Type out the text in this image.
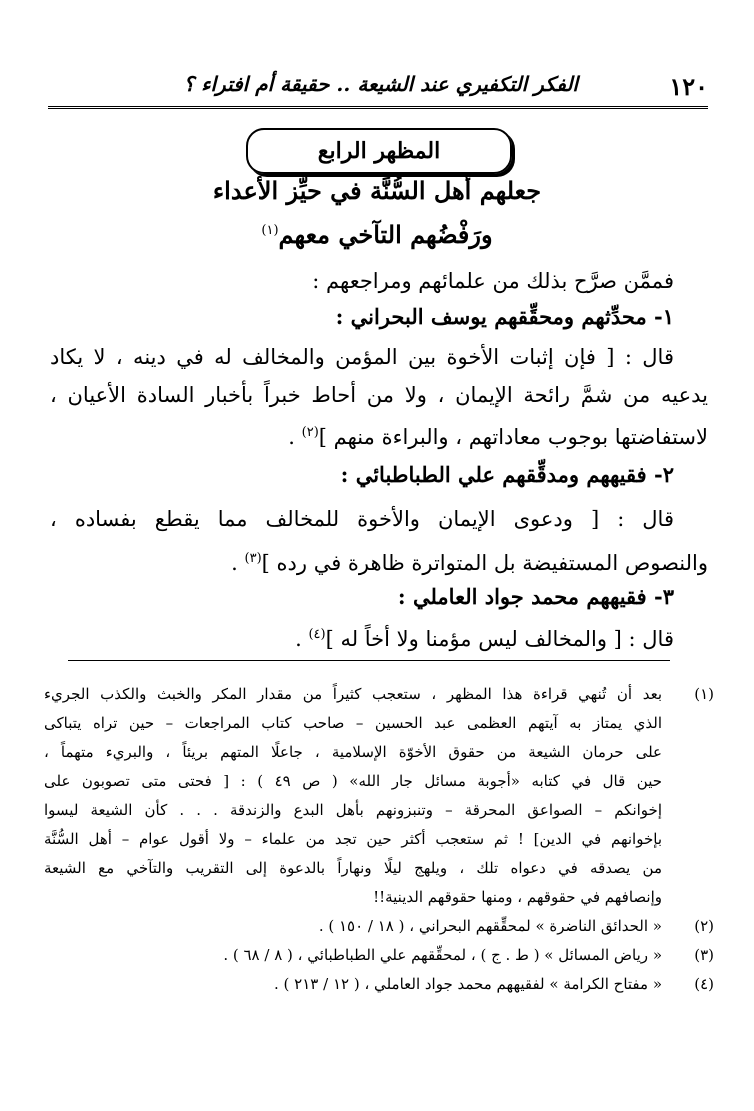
١٢٠
الفكر التكفيري عند الشيعة .. حقيقة أم افتراء ؟
المظهر الرابع
جعلهم أهل السُّنَّة في حيِّز الأعداء
ورَفْضُهم التآخي معهم$^{(١)}$
فممَّن صرَّح بذلك من علمائهم ومراجعهم :
١- محدِّثهم ومحقِّقهم يوسف البحراني :
قال : [ فإن إثبات الأخوة بين المؤمن والمخالف له في دينه ، لا يكاد
يدعيه من شمَّ رائحة الإيمان ، ولا من أحاط خبراً بأخبار السادة الأعيان ،
لاستفاضتها بوجوب معاداتهم ، والبراءة منهم ]$^{(٢)}$ .
٢- فقيههم ومدقِّقهم علي الطباطبائي :
قال : [ ودعوى الإيمان والأخوة للمخالف مما يقطع بفساده ،
والنصوص المستفيضة بل المتواترة ظاهرة في رده ]$^{(٣)}$ .
٣- فقيههم محمد جواد العاملي :
قال : [ والمخالف ليس مؤمنا ولا أخاً له ]$^{(٤)}$ .
(١)
بعد أن تُنهي قراءة هذا المظهر ، ستعجب كثيراً من مقدار المكر والخبث والكذب الجريء
الذي يمتاز به آيتهم العظمى عبد الحسين – صاحب كتاب المراجعات – حين تراه يتباكى
على حرمان الشيعة من حقوق الأخوّة الإسلامية ، جاعلًا المتهم بريئاً ، والبريء متهماً ،
حين قال في كتابه «أجوبة مسائل جار الله» ( ص ٤٩ ) : [ فحتى متى تصوبون على
إخوانكم – الصواعق المحرقة – وتنبزونهم بأهل البدع والزندقة . . . كأن الشيعة ليسوا
بإخوانهم في الدين] ! ثم ستعجب أكثر حين تجد من علماء – ولا أقول عوام – أهل السُّنَّة
من يصدقه في دعواه تلك ، ويلهج ليلًا ونهاراً بالدعوة إلى التقريب والتآخي مع الشيعة
وإنصافهم في حقوقهم ، ومنها حقوقهم الدينية!!
(٢)
« الحدائق الناضرة » لمحقِّقهم البحراني ، ( ١٨ / ١٥٠ ) .
(٣)
« رياض المسائل » ( ط . ج ) ، لمحقِّقهم علي الطباطبائي ، ( ٨ / ٦٨ ) .
(٤)
« مفتاح الكرامة » لفقيههم محمد جواد العاملي ، ( ١٢ / ٢١٣ ) .
